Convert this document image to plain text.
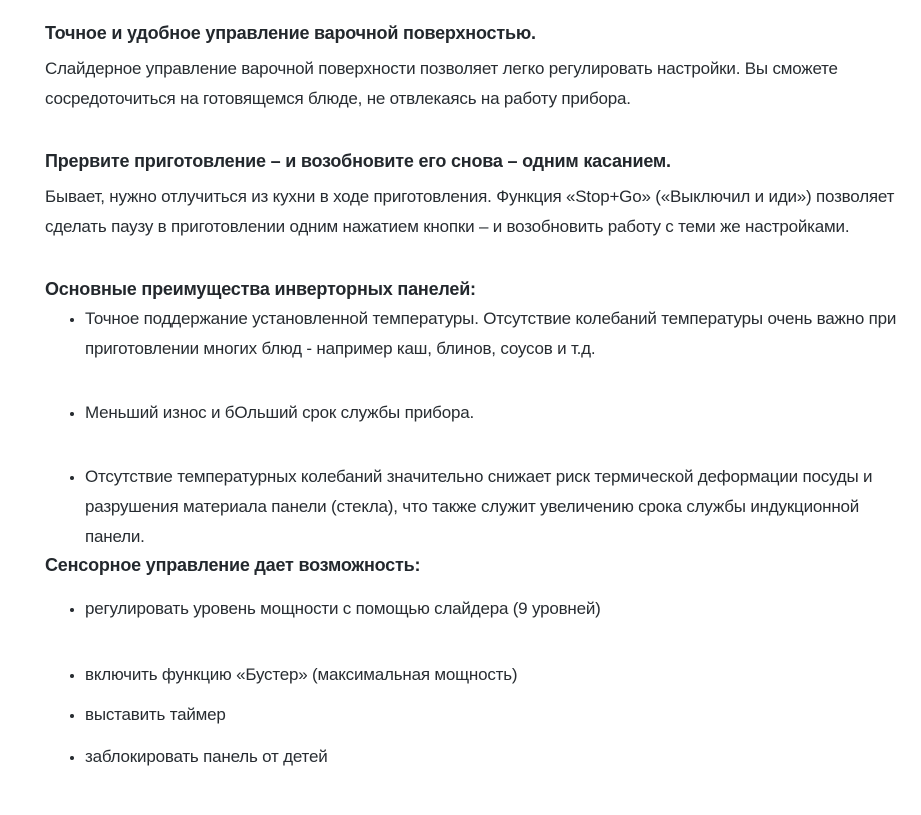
Точное и удобное управление варочной поверхностью.

Слайдерное управление варочной поверхности позволяет легко регулировать настройки. Вы сможете сосредоточиться на готовящемся блюде, не отвлекаясь на работу прибора.

Прервите приготовление – и возобновите его снова – одним касанием.

Бывает, нужно отлучиться из кухни в ходе приготовления. Функция «Stop+Go» («Выключил и иди») позволяет сделать паузу в приготовлении одним нажатием кнопки – и возобновить работу с теми же настройками.

Основные преимущества инверторных панелей:
• Точное поддержание установленной температуры. Отсутствие колебаний температуры очень важно при приготовлении многих блюд - например каш, блинов, соусов и т.д.
• Меньший износ и бОльший срок службы прибора.
• Отсутствие температурных колебаний значительно снижает риск термической деформации посуды и разрушения материала панели (стекла), что также служит увеличению срока службы индукционной панели.
Сенсорное управление дает возможность:
• регулировать уровень мощности с помощью слайдера (9 уровней)
• включить функцию «Бустер» (максимальная мощность)
• выставить таймер
• заблокировать панель от детей
